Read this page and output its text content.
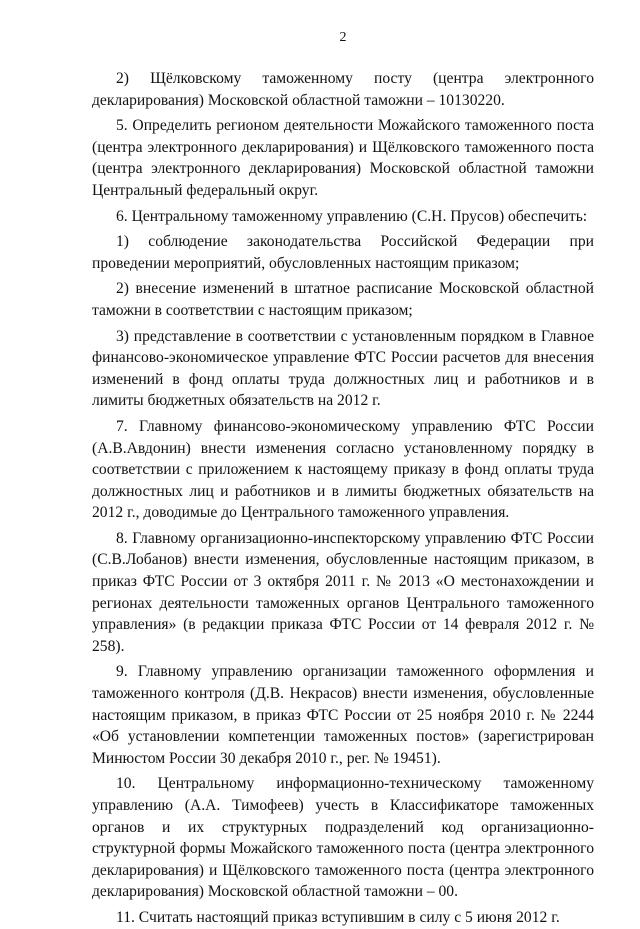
2

2) Щёлковскому таможенному посту (центра электронного декларирования) Московской областной таможни – 10130220.

5. Определить регионом деятельности Можайского таможенного поста (центра электронного декларирования) и Щёлковского таможенного поста (центра электронного декларирования) Московской областной таможни Центральный федеральный округ.

6. Центральному таможенному управлению (С.Н. Прусов) обеспечить:

1) соблюдение законодательства Российской Федерации при проведении мероприятий, обусловленных настоящим приказом;

2) внесение изменений в штатное расписание Московской областной таможни в соответствии с настоящим приказом;

3) представление в соответствии с установленным порядком в Главное финансово-экономическое управление ФТС России расчетов для внесения изменений в фонд оплаты труда должностных лиц и работников и в лимиты бюджетных обязательств на 2012 г.

7. Главному финансово-экономическому управлению ФТС России (А.В.Авдонин) внести изменения согласно установленному порядку в соответствии с приложением к настоящему приказу в фонд оплаты труда должностных лиц и работников и в лимиты бюджетных обязательств на 2012 г., доводимые до Центрального таможенного управления.

8. Главному организационно-инспекторскому управлению ФТС России (С.В.Лобанов) внести изменения, обусловленные настоящим приказом, в приказ ФТС России от 3 октября 2011 г. № 2013 «О местонахождении и регионах деятельности таможенных органов Центрального таможенного управления» (в редакции приказа ФТС России от 14 февраля 2012 г. № 258).

9. Главному управлению организации таможенного оформления и таможенного контроля (Д.В. Некрасов) внести изменения, обусловленные настоящим приказом, в приказ ФТС России от 25 ноября 2010 г. № 2244 «Об установлении компетенции таможенных постов» (зарегистрирован Минюстом России 30 декабря 2010 г., рег. № 19451).

10. Центральному информационно-техническому таможенному управлению (А.А. Тимофеев) учесть в Классификаторе таможенных органов и их структурных подразделений код организационно-структурной формы Можайского таможенного поста (центра электронного декларирования) и Щёлковского таможенного поста (центра электронного декларирования) Московской областной таможни – 00.

11. Считать настоящий приказ вступившим в силу с 5 июня 2012 г.
